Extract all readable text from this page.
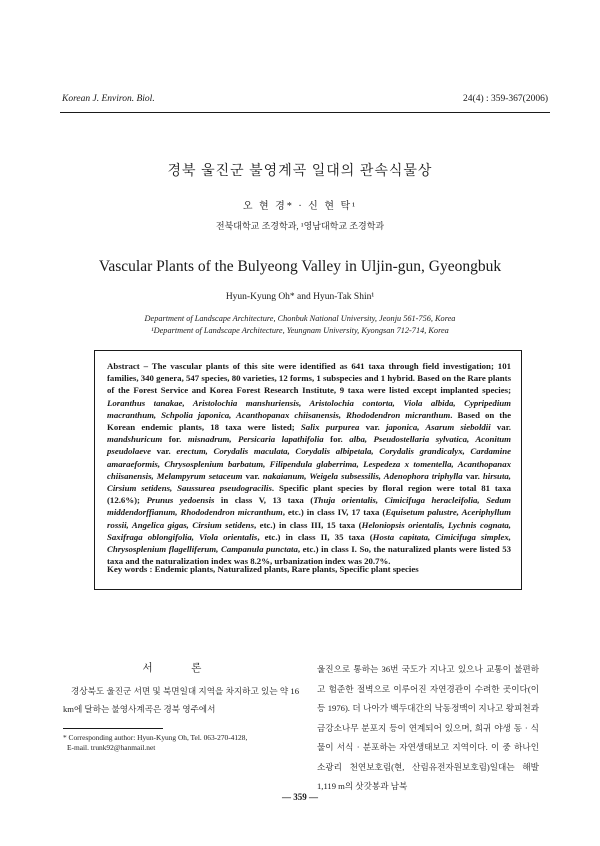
Korean J. Environ. Biol.	24(4) : 359-367(2006)
경북 울진군 불영계곡 일대의 관속식물상
오 현 경* · 신 현 탁¹
전북대학교 조경학과, ¹영남대학교 조경학과
Vascular Plants of the Bulyeong Valley in Uljin-gun, Gyeongbuk
Hyun-Kyung Oh* and Hyun-Tak Shin¹
Department of Landscape Architecture, Chonbuk National University, Jeonju 561-756, Korea
¹Department of Landscape Architecture, Yeungnam University, Kyongsan 712-714, Korea

Abstract – The vascular plants of this site were identified as 641 taxa through field investigation; 101 families, 340 genera, 547 species, 80 varieties, 12 forms, 1 subspecies and 1 hybrid. Based on the Rare plants of the Forest Service and Korea Forest Research Institute, 9 taxa were listed except implanted species; Loranthus tanakae, Aristolochia manshuriensis, Aristolochia contorta, Viola albida, Cypripedium macranthum, Schpolia japonica, Acanthopanax chiisanensis, Rhododendron micranthum. Based on the Korean endemic plants, 18 taxa were listed; Salix purpurea var. japonica, Asarum sieboldii var. mandshuricum for. misnadrum, Persicaria lapathifolia for. alba, Pseudostellaria sylvatica, Aconitum pseudolaeve var. erectum, Corydalis maculata, Corydalis albipetala, Corydalis grandicalyx, Cardamine amaraeformis, Chrysosplenium barbatum, Filipendula glaberrima, Lespedeza x tomentella, Acanthopanax chiisanensis, Melampyrum setaceum var. nakaianum, Weigela subsessilis, Adenophora triphylla var. hirsuta, Cirsium setidens, Saussurea pseudogracilis. Specific plant species by floral region were total 81 taxa (12.6%); Prunus yedoensis in class V, 13 taxa (Thuja orientalis, Cimicifuga heracleifolia, Sedum middendorffianum, Rhododendron micranthum, etc.) in class IV, 17 taxa (Equisetum palustre, Aceriphyllum rossii, Angelica gigas, Cirsium setidens, etc.) in class III, 15 taxa (Heloniopsis orientalis, Lychnis cognata, Saxifraga oblongifolia, Viola orientalis, etc.) in class II, 35 taxa (Hosta capitata, Cimicifuga simplex, Chrysosplenium flagelliferum, Campanula punctata, etc.) in class I. So, the naturalized plants were listed 53 taxa and the naturalization index was 8.2%, urbanization index was 20.7%.

Key words : Endemic plants, Naturalized plants, Rare plants, Specific plant species

서 론

경상북도 울진군 서면 및 북면일대 지역을 차지하고 있는 약 16 km에 달하는 불영사계곡은 경북 영주에서

* Corresponding author: Hyun-Kyung Oh, Tel. 063-270-4128,
E-mail. trunk92@hanmail.net

울진으로 통하는 36번 국도가 지나고 있으나 교통이 불편하고 험준한 절벽으로 이루어진 자연경관이 수려한 곳이다(이 등 1976). 더 나아가 백두대간의 낙동정맥이 지나고 왕피천과 금강소나무 분포지 등이 연계되어 있으며, 희귀 야생 동 · 식물이 서식 · 분포하는 자연생태보고 지역이다. 이 중 하나인 소광리 천연보호림(현, 산림유전자원보호림)일대는 해발 1,119 m의 삿갓봉과 남북

— 359 —
